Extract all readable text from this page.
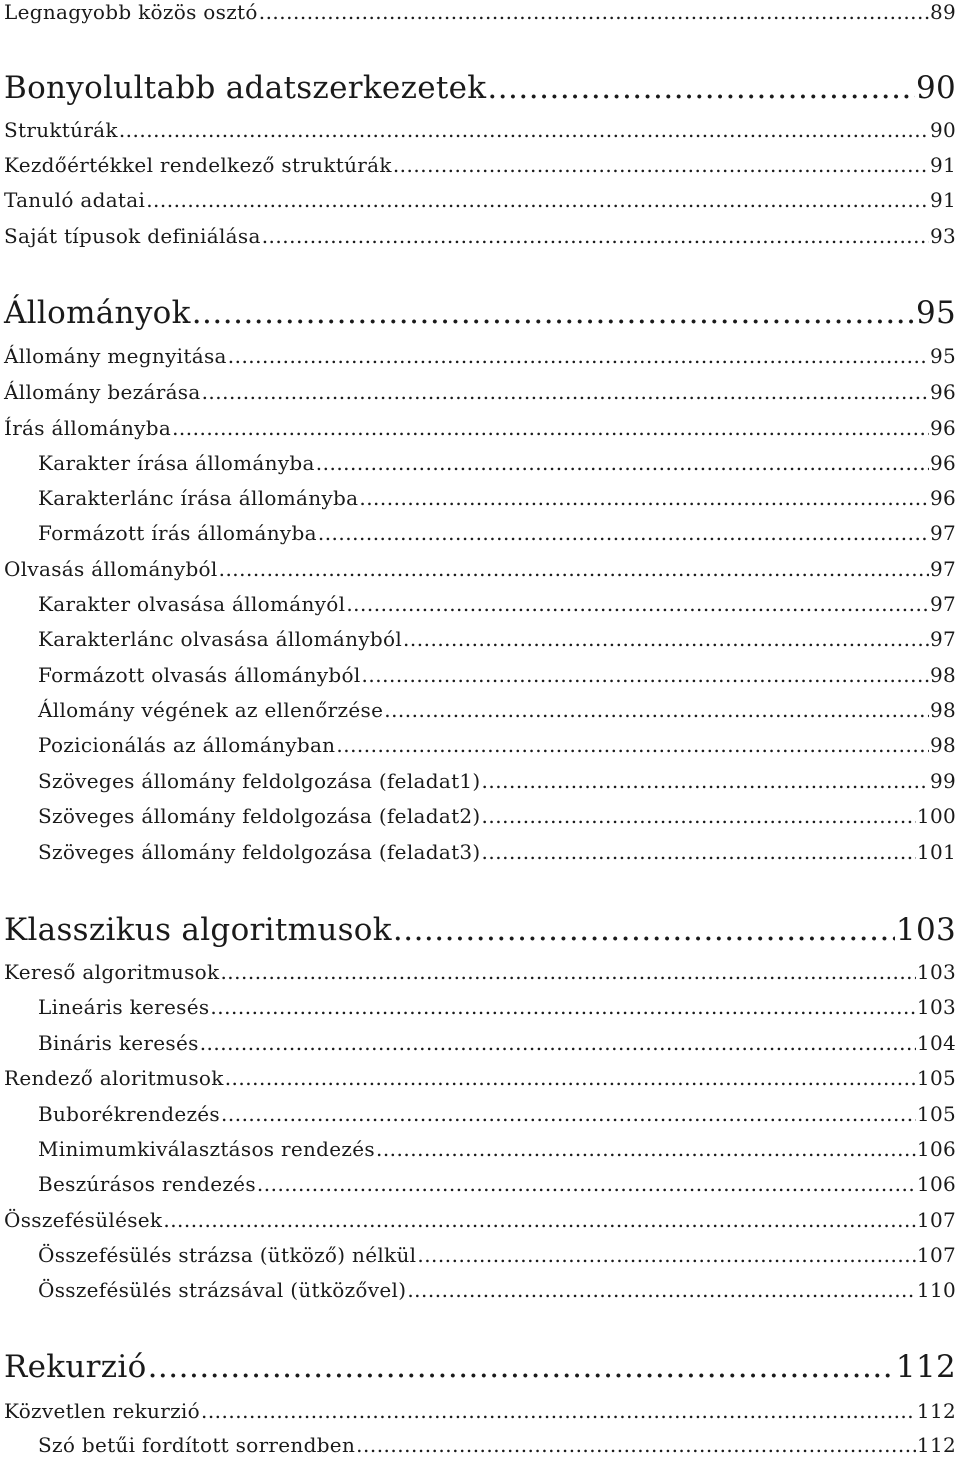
Legnagyobb közös osztó .....	89
Bonyolultabb adatszerkezetek .....	90
Struktúrák .....	90
Kezdőértékkel rendelkező struktúrák .....	91
Tanuló adatai .....	91
Saját típusok definiálása .....	93
Állományok .....	95
Állomány megnyitása .....	95
Állomány bezárása .....	96
Írás állományba .....	96
Karakter írása állományba .....	96
Karakterlánc írása állományba .....	96
Formázott írás állományba .....	97
Olvasás állományból .....	97
Karakter olvasása állományól .....	97
Karakterlánc olvasása állományból .....	97
Formázott olvasás állományból .....	98
Állomány végének az ellenőrzése .....	98
Pozicionálás az állományban .....	98
Szöveges állomány feldolgozása (feladat1) .....	99
Szöveges állomány feldolgozása (feladat2) .....	100
Szöveges állomány feldolgozása (feladat3) .....	101
Klasszikus algoritmusok .....	103
Kereső algoritmusok .....	103
Lineáris keresés .....	103
Bináris keresés .....	104
Rendező aloritmusok .....	105
Buborékrendezés .....	105
Minimumkiválasztásos rendezés .....	106
Beszúrásos rendezés .....	106
Összefésülések .....	107
Összefésülés strázsa (ütköző) nélkül .....	107
Összefésülés strázsával (ütközővel) .....	110
Rekurzió .....	112
Közvetlen rekurzió .....	112
Szó betűi fordított sorrendben .....	112
